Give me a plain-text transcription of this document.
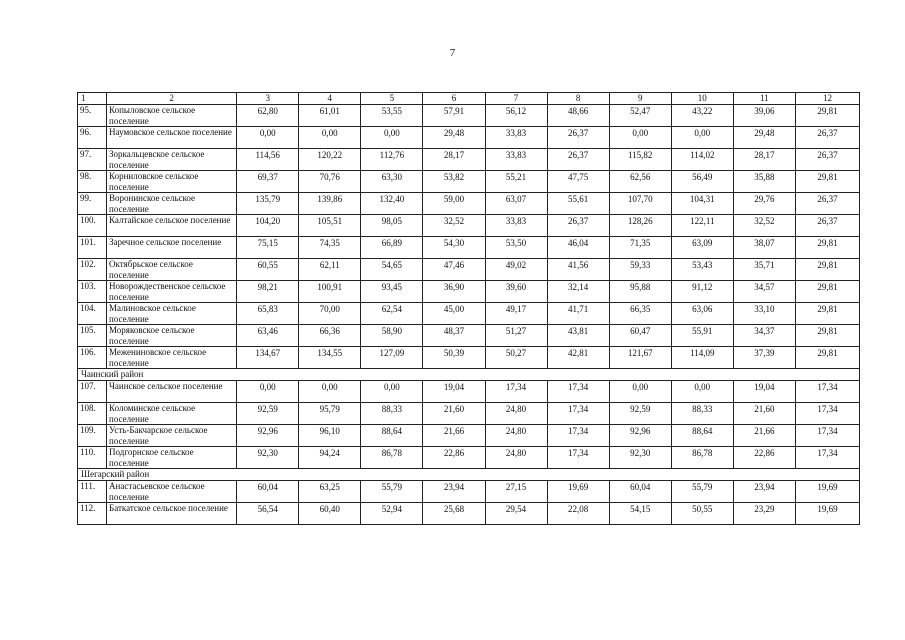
7
1	2	3	4	5	6	7	8	9	10	11	12
95.	Копыловское сельское поселение	62,80	61,01	53,55	57,91	56,12	48,66	52,47	43,22	39,06	29,81
96.	Наумовское сельское поселение	0,00	0,00	0,00	29,48	33,83	26,37	0,00	0,00	29,48	26,37
97.	Зоркальцевское сельское поселение	114,56	120,22	112,76	28,17	33,83	26,37	115,82	114,02	28,17	26,37
98.	Корниловское сельское поселение	69,37	70,76	63,30	53,82	55,21	47,75	62,56	56,49	35,88	29,81
99.	Воронинское сельское поселение	135,79	139,86	132,40	59,00	63,07	55,61	107,70	104,31	29,76	26,37
100.	Калтайское сельское поселение	104,20	105,51	98,05	32,52	33,83	26,37	128,26	122,11	32,52	26,37
101.	Заречное сельское поселение	75,15	74,35	66,89	54,30	53,50	46,04	71,35	63,09	38,07	29,81
102.	Октябрьское сельское поселение	60,55	62,11	54,65	47,46	49,02	41,56	59,33	53,43	35,71	29,81
103.	Новорождественское сельское поселение	98,21	100,91	93,45	36,90	39,60	32,14	95,88	91,12	34,57	29,81
104.	Малиновское сельское поселение	65,83	70,00	62,54	45,00	49,17	41,71	66,35	63,06	33,10	29,81
105.	Моряковское сельское поселение	63,46	66,36	58,90	48,37	51,27	43,81	60,47	55,91	34,37	29,81
106.	Межениновское сельское поселение	134,67	134,55	127,09	50,39	50,27	42,81	121,67	114,09	37,39	29,81
Чаинский район											
107.	Чаинское сельское поселение	0,00	0,00	0,00	19,04	17,34	17,34	0,00	0,00	19,04	17,34
108.	Коломинское сельское поселение	92,59	95,79	88,33	21,60	24,80	17,34	92,59	88,33	21,60	17,34
109.	Усть-Бакчарское сельское поселение	92,96	96,10	88,64	21,66	24,80	17,34	92,96	88,64	21,66	17,34
110.	Подгорнское сельское поселение	92,30	94,24	86,78	22,86	24,80	17,34	92,30	86,78	22,86	17,34
Шегарский район											
111.	Анастасьевское сельское поселение	60,04	63,25	55,79	23,94	27,15	19,69	60,04	55,79	23,94	19,69
112.	Баткатское сельское поселение	56,54	60,40	52,94	25,68	29,54	22,08	54,15	50,55	23,29	19,69
